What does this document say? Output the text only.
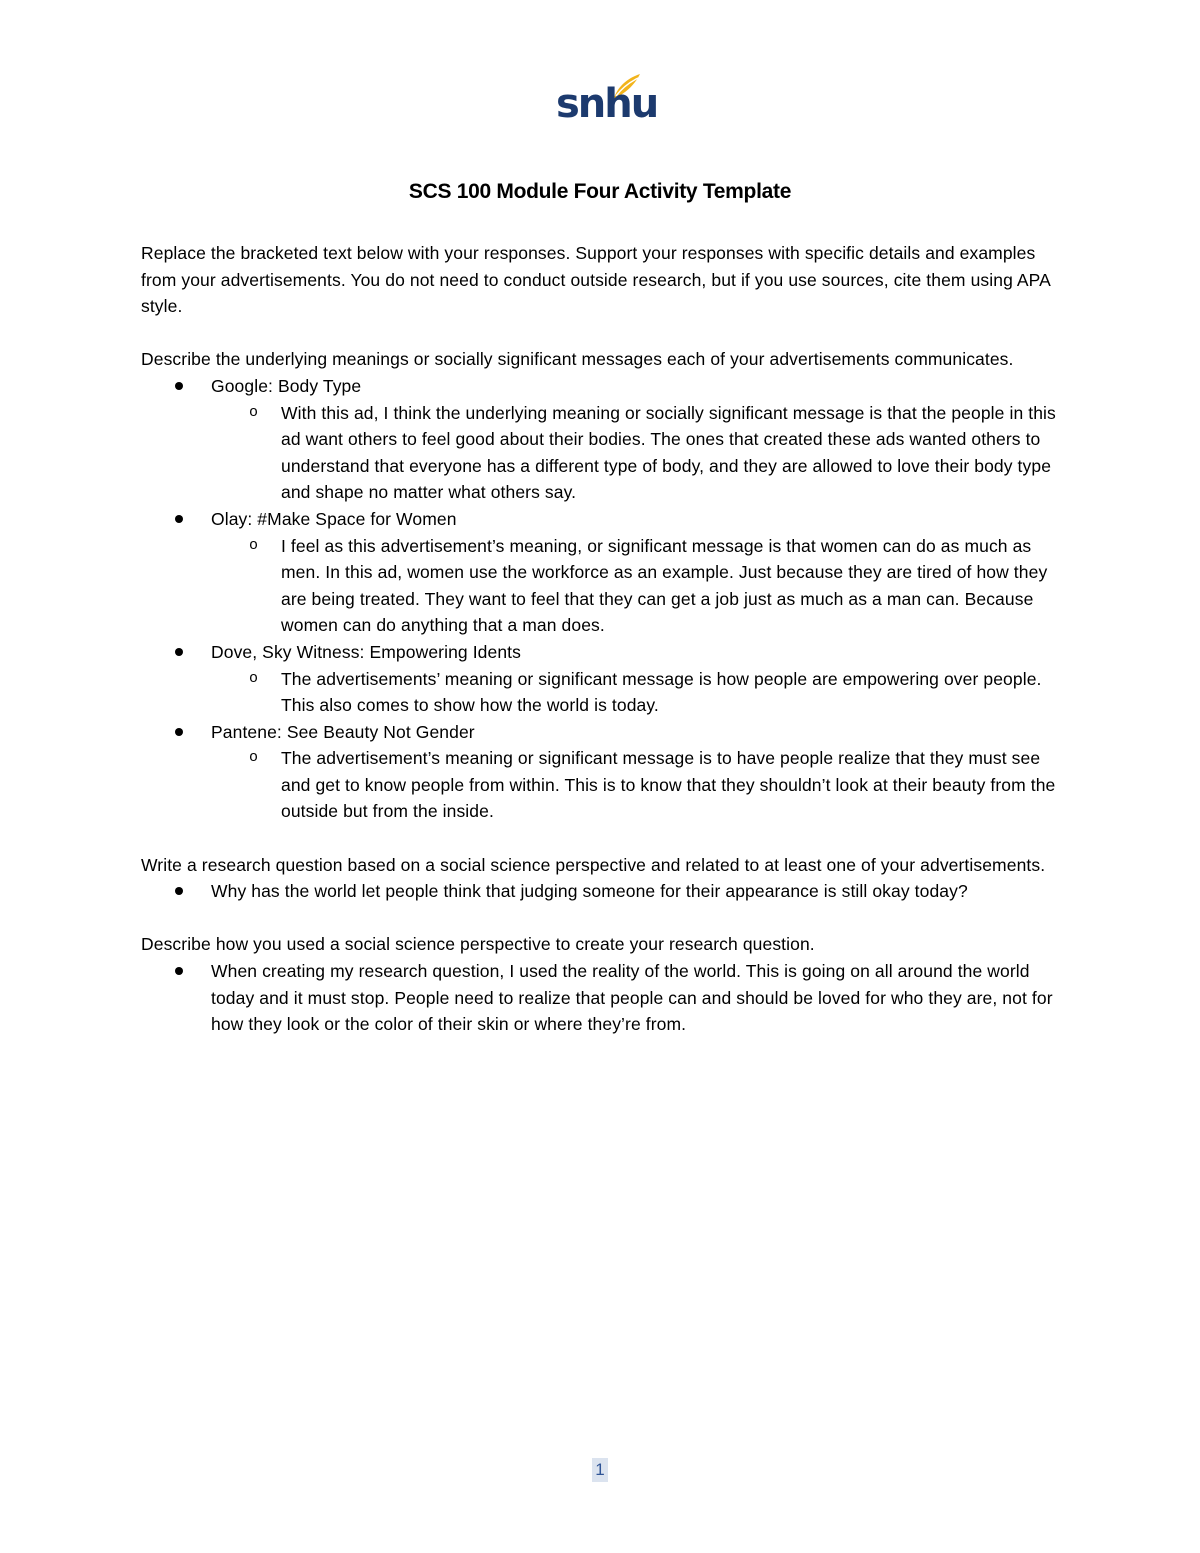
snhu
SCS 100 Module Four Activity Template

Replace the bracketed text below with your responses. Support your responses with specific details and examples from your advertisements. You do not need to conduct outside research, but if you use sources, cite them using APA style.

Describe the underlying meanings or socially significant messages each of your advertisements communicates.

Google: Body Type
o With this ad, I think the underlying meaning or socially significant message is that the people in this ad want others to feel good about their bodies. The ones that created these ads wanted others to understand that everyone has a different type of body, and they are allowed to love their body type and shape no matter what others say.
Olay: #Make Space for Women
o I feel as this advertisement’s meaning, or significant message is that women can do as much as men. In this ad, women use the workforce as an example. Just because they are tired of how they are being treated. They want to feel that they can get a job just as much as a man can. Because women can do anything that a man does.
Dove, Sky Witness: Empowering Idents
o The advertisements’ meaning or significant message is how people are empowering over people. This also comes to show how the world is today.
Pantene: See Beauty Not Gender
o The advertisement’s meaning or significant message is to have people realize that they must see and get to know people from within. This is to know that they shouldn’t look at their beauty from the outside but from the inside.

Write a research question based on a social science perspective and related to at least one of your advertisements.

Why has the world let people think that judging someone for their appearance is still okay today?

Describe how you used a social science perspective to create your research question.

When creating my research question, I used the reality of the world. This is going on all around the world today and it must stop. People need to realize that people can and should be loved for who they are, not for how they look or the color of their skin or where they’re from.
1
